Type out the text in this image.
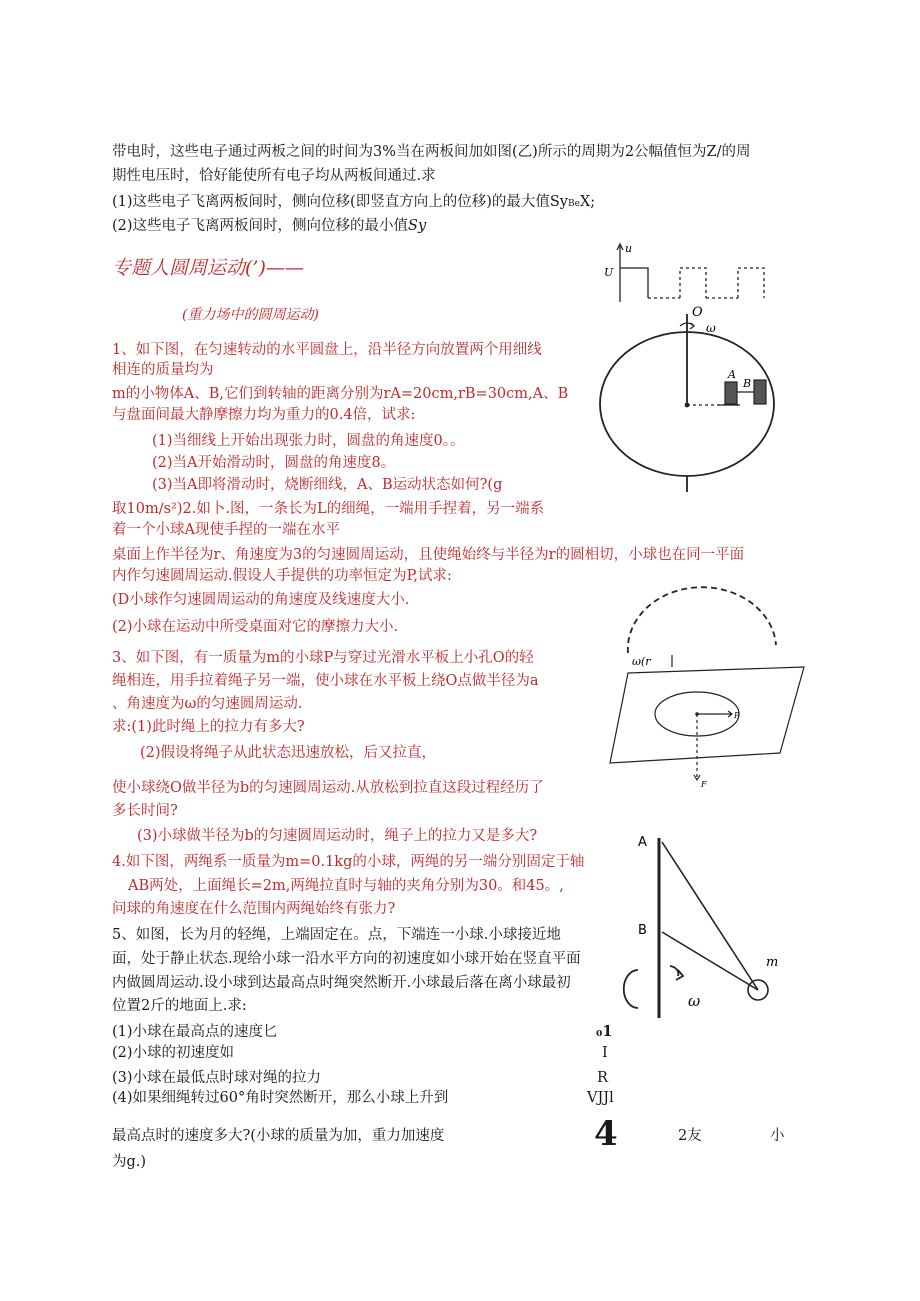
带电时，这些电子通过两板之间的时间为3%当在两板间加如图(乙)所示的周期为2公幅值恒为Z/的周
期性电压时，恰好能使所有电子均从两板间通过.求
(1)这些电子飞离两板间时，侧向位移(即竖直方向上的位移)的最大值SyBeX;
(2)这些电子飞离两板间时，侧向位移的最小值Sy
专题人圆周运动(’)——
(重力场中的圆周运动)
1、如下图，在匀速转动的水平圆盘上，沿半径方向放置两个用细线
相连的质量均为
m的小物体A、B,它们到转轴的距离分别为rA=20cm,rB=30cm,A、B
与盘面间最大静摩擦力均为重力的0.4倍，试求:
(1)当细线上开始出现张力时，圆盘的角速度0。。
(2)当A开始滑动时，圆盘的角速度8。
(3)当A即将滑动时，烧断细线，A、B运动状态如何?(g
取10m∕s²)2.如卜.图，一条长为L的细绳，一端用手捏着，另一端系
着一个小球A现使手捏的一端在水平
桌面上作半径为r、角速度为3的匀速圆周运动，且使绳始终与半径为r的圆相切，小球也在同一平面
内作匀速圆周运动.假设人手提供的功率恒定为P,试求:
(D小球作匀速圆周运动的角速度及线速度大小.
(2)小球在运动中所受桌面对它的摩擦力大小.
3、如下图，有一质量为m的小球P与穿过光滑水平板上小孔O的轻
绳相连，用手拉着绳子另一端，使小球在水平板上绕O点做半径为a
、角速度为ω的匀速圆周运动.
求:(1)此时绳上的拉力有多大?
(2)假设将绳子从此状态迅速放松，后又拉直，
使小球绕O做半径为b的匀速圆周运动.从放松到拉直这段过程经历了
多长时间?
(3)小球做半径为b的匀速圆周运动时，绳子上的拉力又是多大?
4.如下图，两绳系一质量为m=0.1kg的小球，两绳的另一端分别固定于轴
AB两处，上面绳长=2m,两绳拉直时与轴的夹角分别为30。和45。,
问球的角速度在什么范围内两绳始终有张力?
5、如图，长为月的轻绳，上端固定在。点，下端连一小球.小球接近地
面，处于静止状态.现给小球一沿水平方向的初速度如小球开始在竖直平面
内做圆周运动.设小球到达最高点时绳突然断开.小球最后落在离小球最初
位置2斤的地面上.求:
(1)小球在最高点的速度匕
(2)小球的初速度如
(3)小球在最低点时球对绳的拉力
(4)如果细绳转过60°角时突然断开，那么小球上升到
最高点时的速度多大?(小球的质量为加，重力加速度
为g.)
₀1
I
R
VJJl
4	2友	小
u
U
O
ω
A
B
ω(r
P
F
A
B
m
ω
